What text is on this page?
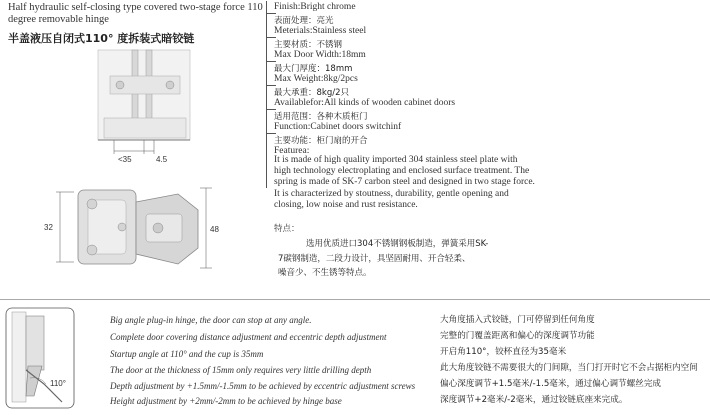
Half hydraulic self-closing type covered two-stage force 110 degree removable hinge
半盖液压自闭式110° 度拆装式暗铰链
<35	4.5
32	48
Finish:Bright chrome
表面处理：亮光
Meterials:Stainless steel
主要材质：不锈钢
Max Door Width:18mm
最大门厚度：18mm
Max Weight:8kg/2pcs
最大承重：8kg/2只
Availablefor:All kinds of wooden cabinet doors
适用范围：各种木质柜门
Function:Cabinet doors switchinf
主要功能：柜门扇的开合
Featurea:
It is made of high quality imported 304 stainless steel plate with high technology electroplating and enclosed surface treatment. The spring is made of SK-7 carbon steel and designed in two stage force. It is characterized by stoutness, durability, gentle opening and closing, low noise and rust resistance.
特点：
选用优质进口304不锈钢钢板制造，弹簧采用SK-
7碳钢制造，二段力设计，具坚固耐用、开合轻柔、
噪音少、不生锈等特点。
110°
Big angle plug-in hinge, the door can stop at any angle.
Complete door covering distance adjustment and eccentric depth adjustment
Startup angle at 110° and the cup is 35mm
The door at the thickness of 15mm only requires very little drilling depth
Depth adjustment by +1.5mm/-1.5mm to be achieved by eccentric adjustment screws
Height adjustment by +2mm/-2mm to be achieved by hinge base
大角度插入式铰链，门可停留到任何角度
完整的门覆盖距离和偏心的深度调节功能
开启角110°，铰杯直径为35毫米
此大角度铰链不需要很大的门间隙，当门打开时它不会占据柜内空间
偏心深度调节+1.5毫米/-1.5毫米，通过偏心调节螺丝完成
深度调节+2毫米/-2毫米，通过铰链底座来完成。
